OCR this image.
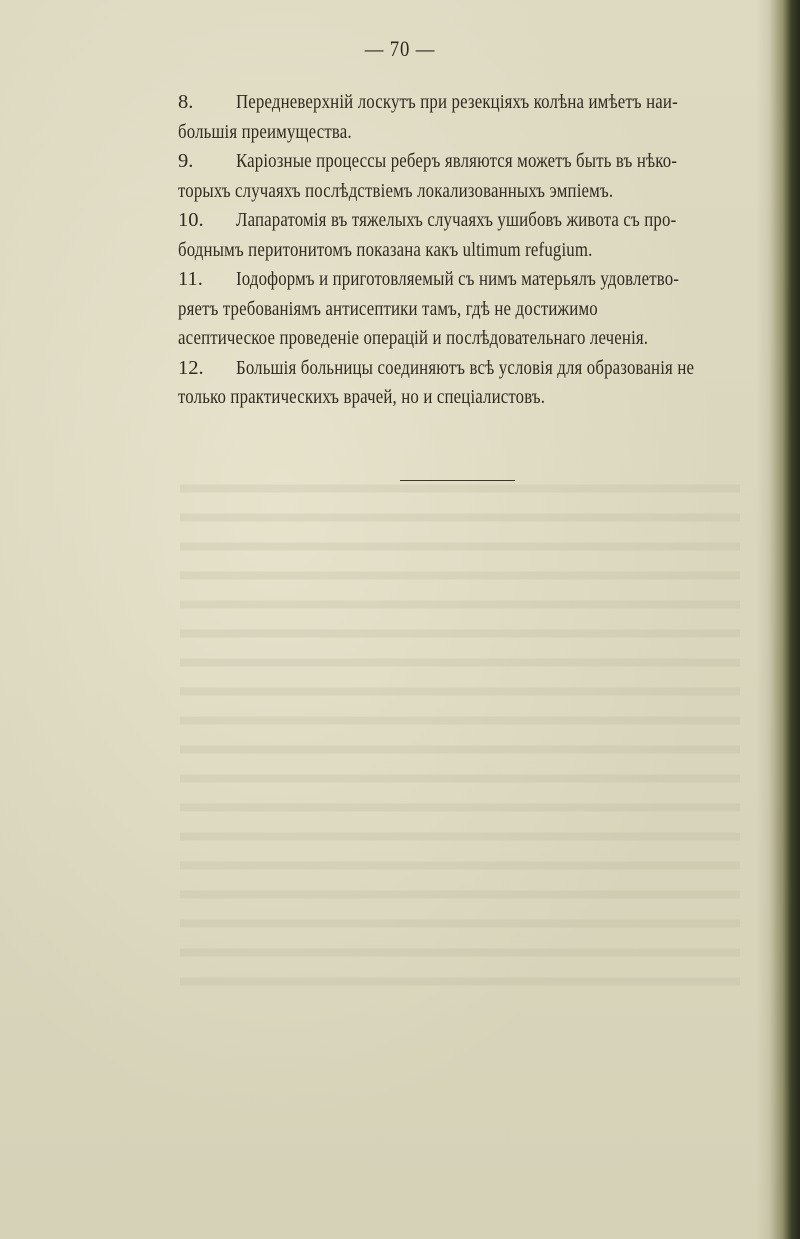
— 70 —
8.	Передневерхній лоскутъ при резекціяхъ колѣна имѣетъ наи-
большія преимущества.
9.	Каріозные процессы реберъ являются можетъ быть въ нѣко-
торыхъ случаяхъ послѣдствіемъ локализованныхъ эмпіемъ.
10.	Лапаратомія въ тяжелыхъ случаяхъ ушибовъ живота съ про-
боднымъ перитонитомъ показана какъ ultimum refugium.
11.	Іодоформъ и приготовляемый съ нимъ матерьялъ удовлетво-
ряетъ требованіямъ антисептики тамъ, гдѣ не достижимо
асептическое проведеніе операцій и послѣдовательнаго леченія.
12.	Большія больницы соединяютъ всѣ условія для образованія не
только практическихъ врачей, но и спеціалистовъ.
